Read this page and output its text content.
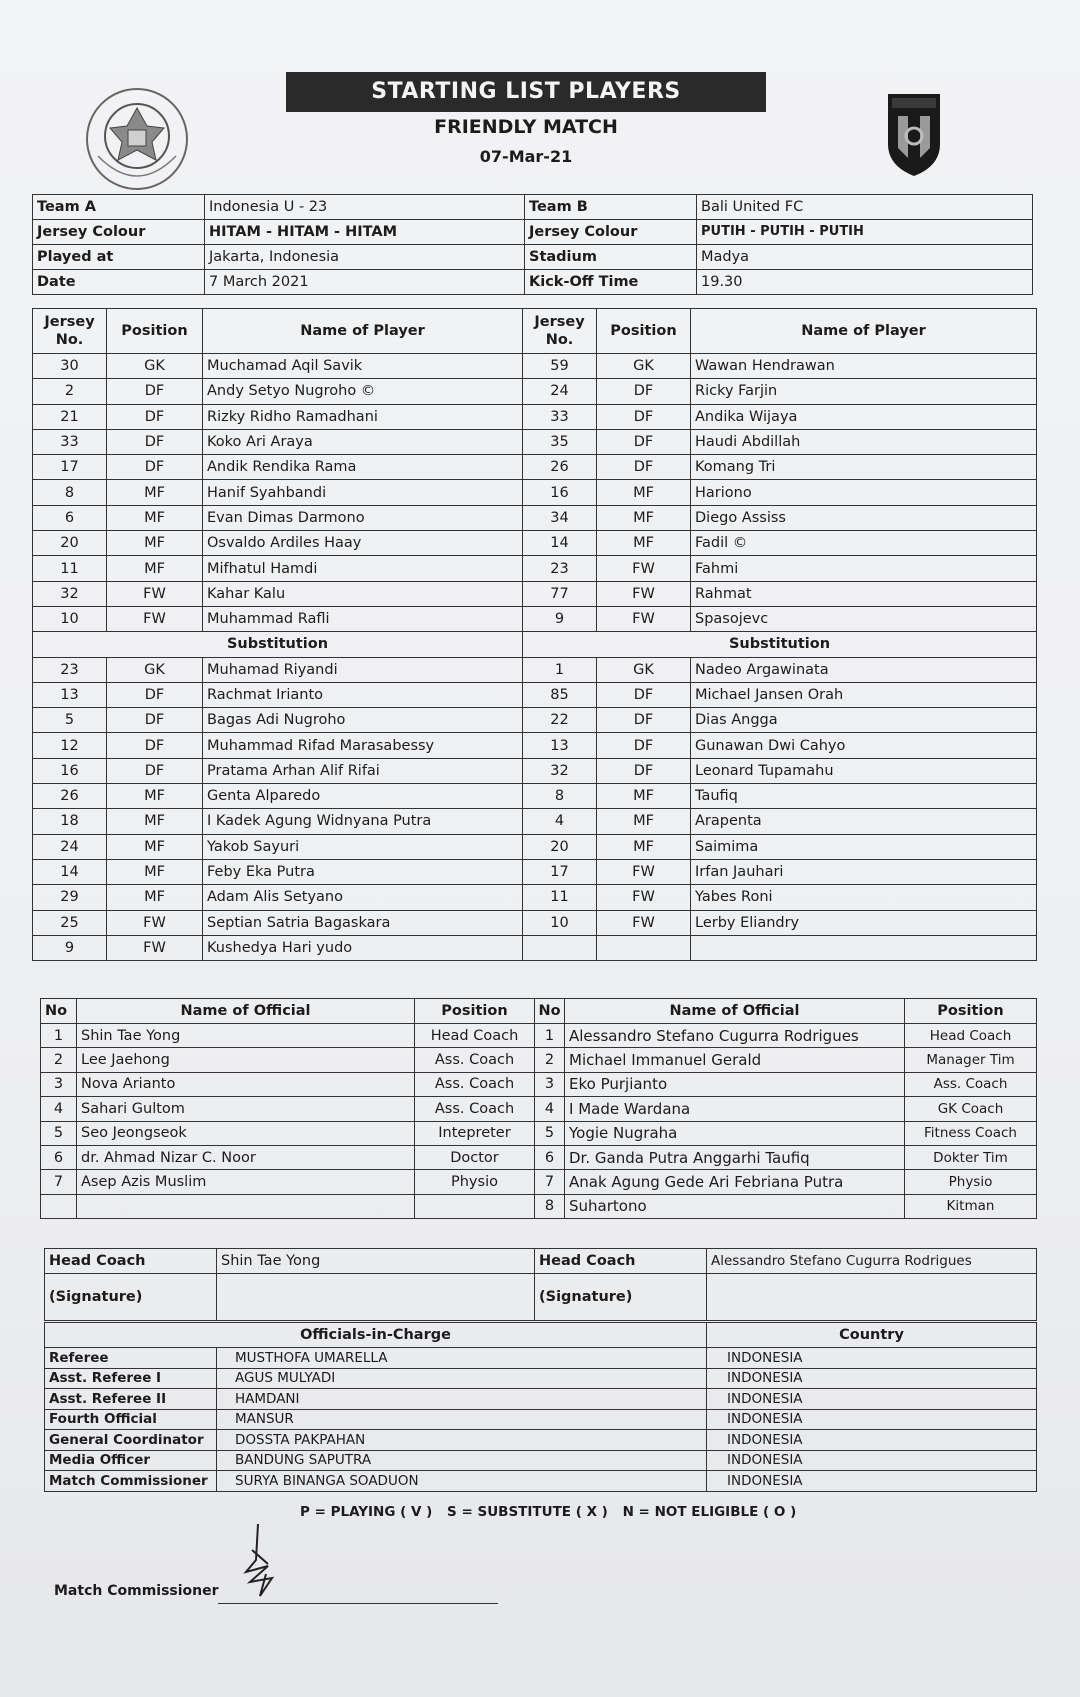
STARTING LIST PLAYERS
FRIENDLY MATCH
07-Mar-21
Team A	Indonesia U - 23	Team B	Bali United FC
Jersey Colour	HITAM - HITAM - HITAM	Jersey Colour	PUTIH - PUTIH - PUTIH
Played at	Jakarta, Indonesia	Stadium	Madya
Date	7 March 2021	Kick-Off Time	19.30
Jersey No.	Position	Name of Player	Jersey No.	Position	Name of Player
30	GK	Muchamad Aqil Savik	59	GK	Wawan Hendrawan
2	DF	Andy Setyo Nugroho ©	24	DF	Ricky Farjin
21	DF	Rizky Ridho Ramadhani	33	DF	Andika Wijaya
33	DF	Koko Ari Araya	35	DF	Haudi Abdillah
17	DF	Andik Rendika Rama	26	DF	Komang Tri
8	MF	Hanif Syahbandi	16	MF	Hariono
6	MF	Evan Dimas Darmono	34	MF	Diego Assiss
20	MF	Osvaldo Ardiles Haay	14	MF	Fadil ©
11	MF	Mifhatul Hamdi	23	FW	Fahmi
32	FW	Kahar Kalu	77	FW	Rahmat
10	FW	Muhammad Rafli	9	FW	Spasojevc
Substitution			Substitution		
23	GK	Muhamad Riyandi	1	GK	Nadeo Argawinata
13	DF	Rachmat Irianto	85	DF	Michael Jansen Orah
5	DF	Bagas Adi Nugroho	22	DF	Dias Angga
12	DF	Muhammad Rifad Marasabessy	13	DF	Gunawan Dwi Cahyo
16	DF	Pratama Arhan Alif Rifai	32	DF	Leonard Tupamahu
26	MF	Genta Alparedo	8	MF	Taufiq
18	MF	I Kadek Agung Widnyana Putra	4	MF	Arapenta
24	MF	Yakob Sayuri	20	MF	Saimima
14	MF	Feby Eka Putra	17	FW	Irfan Jauhari
29	MF	Adam Alis Setyano	11	FW	Yabes Roni
25	FW	Septian Satria Bagaskara	10	FW	Lerby Eliandry
9	FW	Kushedya Hari yudo			
No	Name of Official	Position	No	Name of Official	Position
1	Shin Tae Yong	Head Coach	1	Alessandro Stefano Cugurra Rodrigues	Head Coach
2	Lee Jaehong	Ass. Coach	2	Michael Immanuel Gerald	Manager Tim
3	Nova Arianto	Ass. Coach	3	Eko Purjianto	Ass. Coach
4	Sahari Gultom	Ass. Coach	4	I Made Wardana	GK Coach
5	Seo Jeongseok	Intepreter	5	Yogie Nugraha	Fitness Coach
6	dr. Ahmad Nizar C. Noor	Doctor	6	Dr. Ganda Putra Anggarhi Taufiq	Dokter Tim
7	Asep Azis Muslim	Physio	7	Anak Agung Gede Ari Febriana Putra	Physio
			8	Suhartono	Kitman
Head Coach	Shin Tae Yong	Head Coach	Alessandro Stefano Cugurra Rodrigues
(Signature)		(Signature)	
Officials-in-Charge		Country
Referee	MUSTHOFA UMARELLA	INDONESIA
Asst. Referee I	AGUS MULYADI	INDONESIA
Asst. Referee II	HAMDANI	INDONESIA
Fourth Official	MANSUR	INDONESIA
General Coordinator	DOSSTA PAKPAHAN	INDONESIA
Media Officer	BANDUNG SAPUTRA	INDONESIA
Match Commissioner	SURYA BINANGA SOADUON	INDONESIA
P = PLAYING ( V ) S = SUBSTITUTE ( X ) N = NOT ELIGIBLE ( O )
Match Commissioner
